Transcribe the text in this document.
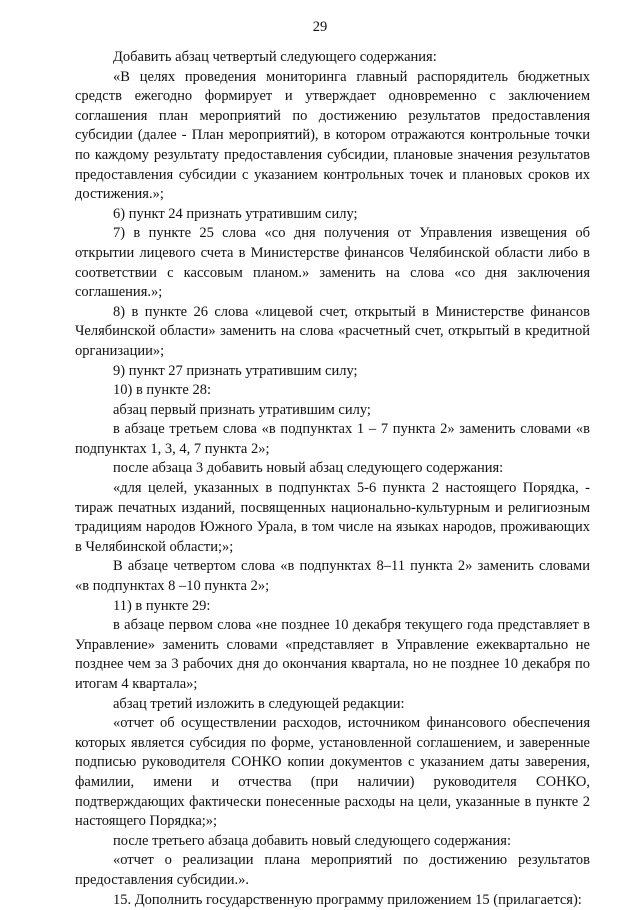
29

Добавить абзац четвертый следующего содержания:

«В целях проведения мониторинга главный распорядитель бюджетных средств ежегодно формирует и утверждает одновременно с заключением соглашения план мероприятий по достижению результатов предоставления субсидии (далее - План мероприятий), в котором отражаются контрольные точки по каждому результату предоставления субсидии, плановые значения результатов предоставления субсидии с указанием контрольных точек и плановых сроков их достижения.»;

6) пункт 24 признать утратившим силу;

7) в пункте 25 слова «со дня получения от Управления извещения об открытии лицевого счета в Министерстве финансов Челябинской области либо в соответствии с кассовым планом.» заменить на слова «со дня заключения соглашения.»;

8) в пункте 26 слова «лицевой счет, открытый в Министерстве финансов Челябинской области» заменить на слова «расчетный счет, открытый в кредитной организации»;

9) пункт 27 признать утратившим силу;

10) в пункте 28:

абзац первый признать утратившим силу;

в абзаце третьем слова «в подпунктах 1 – 7 пункта 2» заменить словами «в подпунктах 1, 3, 4, 7 пункта 2»;

после абзаца 3 добавить новый абзац следующего содержания:

«для целей, указанных в подпунктах 5-6 пункта 2 настоящего Порядка, - тираж печатных изданий, посвященных национально-культурным и религиозным традициям народов Южного Урала, в том числе на языках народов, проживающих в Челябинской области;»;

В абзаце четвертом слова «в подпунктах 8–11 пункта 2» заменить словами «в подпунктах 8 –10 пункта 2»;

11) в пункте 29:

в абзаце первом слова «не позднее 10 декабря текущего года представляет в Управление» заменить словами «представляет в Управление ежеквартально не позднее чем за 3 рабочих дня до окончания квартала, но не позднее 10 декабря по итогам 4 квартала»;

абзац третий изложить в следующей редакции:

«отчет об осуществлении расходов, источником финансового обеспечения которых является субсидия по форме, установленной соглашением, и заверенные подписью руководителя СОНКО копии документов с указанием даты заверения, фамилии, имени и отчества (при наличии) руководителя СОНКО, подтверждающих фактически понесенные расходы на цели, указанные в пункте 2 настоящего Порядка;»;

после третьего абзаца добавить новый следующего содержания:

«отчет о реализации плана мероприятий по достижению результатов предоставления субсидии.».

15. Дополнить государственную программу приложением 15 (прилагается):
